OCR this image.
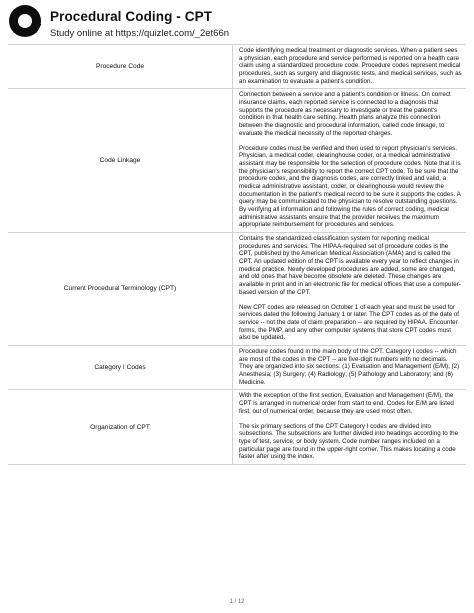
Procedural Coding - CPT
Study online at https://quizlet.com/_2et66n
Procedure Code	Code identifying medical treatment or diagnostic services. When a patient sees a physician, each procedure and service performed is reported on a health care claim using a standardized procedure code. Procedure codes represent medical procedures, such as surgery and diagnostic tests, and medical services, such as an examination to evaluate a patient's condition.

Code Linkage	Connection between a service and a patient's condition or illness. On correct insurance claims, each reported service is connected to a diagnosis that supports the procedure as necessary to investigate or treat the patient's condition in that health care setting. Health plans analyze this connection between the diagnostic and procedural information, called code linkage, to evaluate the medical necessity of the reported charges.

Procedure codes must be verified and then used to report physician's services. Physician, a medical coder, clearinghouse coder, or a medical administrative assistant may be responsible for the selection of procedure codes. Note that it is the physician's responsibility to report the correct CPT code. To be sure that the procedure codes, and the diagnosis codes, are correctly linked and valid, a medical administrative assistant, coder, or clearinghouse would review the documentation in the patient's medical record to be sure it supports the codes. A query may be communicated to the physician to resolve outstanding questions. By verifying all information and following the rules of correct coding, medical administrative assistants ensure that the provider receives the maximum appropriate reimbursement for procedures and services.

Current Procedural Terminology (CPT)	Contains the standardized classification system for reporting medical procedures and services. The HIPAA-required set of procedure codes is the CPT, published by the American Medical Association (AMA) and is called the CPT. An updated edition of the CPT is available every year to reflect changes in medical practice. Newly developed procedures are added, some are changed, and old ones that have become obsolete are deleted. These changes are available in print and in an electronic file for medical offices that use a computer-based version of the CPT.

New CPT codes are released on October 1 of each year and must be used for services dated the following January 1 or later. The CPT codes as of the date of service -- not the date of claim preparation -- are required by HIPAA. Encounter forms, the PMP, and any other computer systems that store CPT codes must also be updated.

Category I Codes	Procedure codes found in the main body of the CPT. Category I codes -- which are most of the codes in the CPT -- are five-digit numbers with no decimals. They are organized into six sections: (1) Evaluation and Management (E/M), (2) Anesthesia; (3) Surgery; (4) Radiology; (5) Pathology and Laboratory; and (6) Medicine.

Organization of CPT	With the exception of the first section, Evaluation and Management (E/M), the CPT is arranged in numerical order from start to end. Codes for E/M are listed first, out of numerical order, because they are used most often.

The six primary sections of the CPT Category I codes are divided into subsections. The subsections are further divided into headings according to the type of test, service, or body system. Code number ranges included on a particular page are found in the upper-right corner. This makes locating a code faster after using the index.

1 / 12
